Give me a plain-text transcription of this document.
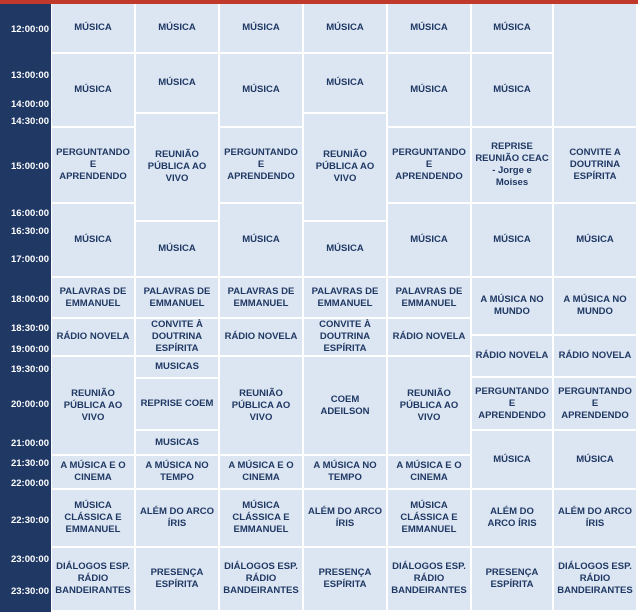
12:00:00
13:00:00
14:00:00
14:30:00
15:00:00
16:00:00
16:30:00
17:00:00
18:00:00
18:30:00
19:00:00
19:30:00
20:00:00
21:00:00
21:30:00
22:00:00
22:30:00
23:00:00
23:30:00
MÚSICA
MÚSICA
PERGUNTANDO E APRENDENDO
MÚSICA
PALAVRAS DE EMMANUEL
RÁDIO NOVELA
REUNIÃO PÚBLICA AO VIVO
A MÚSICA E O CINEMA
MÚSICA CLÁSSICA E EMMANUEL
DIÁLOGOS ESP. RÁDIO BANDEIRANTES
MÚSICA
MÚSICA
REUNIÃO PÚBLICA AO VIVO
MÚSICA
PALAVRAS DE EMMANUEL
CONVITE À DOUTRINA ESPÍRITA
MUSICAS
REPRISE COEM
MUSICAS
A MÚSICA NO TEMPO
ALÉM DO ARCO ÍRIS
PRESENÇA ESPÍRITA
MÚSICA
MÚSICA
PERGUNTANDO E APRENDENDO
MÚSICA
PALAVRAS DE EMMANUEL
RÁDIO NOVELA
REUNIÃO PÚBLICA AO VIVO
A MÚSICA E O CINEMA
MÚSICA CLÁSSICA E EMMANUEL
DIÁLOGOS ESP. RÁDIO BANDEIRANTES
MÚSICA
MÚSICA
REUNIÃO PÚBLICA AO VIVO
MÚSICA
PALAVRAS DE EMMANUEL
CONVITE À DOUTRINA ESPÍRITA
COEM ADEILSON
A MÚSICA NO TEMPO
ALÉM DO ARCO ÍRIS
PRESENÇA ESPÍRITA
MÚSICA
MÚSICA
PERGUNTANDO E APRENDENDO
MÚSICA
PALAVRAS DE EMMANUEL
RÁDIO NOVELA
REUNIÃO PÚBLICA AO VIVO
A MÚSICA E O CINEMA
MÚSICA CLÁSSICA E EMMANUEL
DIÁLOGOS ESP. RÁDIO BANDEIRANTES
MÚSICA
MÚSICA
REPRISE REUNIÃO CEAC - Jorge e Moises
MÚSICA
A MÚSICA NO MUNDO
RÁDIO NOVELA
PERGUNTANDO E APRENDENDO
MÚSICA
ALÉM DO ARCO ÍRIS
PRESENÇA ESPÍRITA
CONVITE A DOUTRINA ESPÍRITA
MÚSICA
A MÚSICA NO MUNDO
RÁDIO NOVELA
PERGUNTANDO E APRENDENDO
MÚSICA
ALÉM DO ARCO ÍRIS
DIÁLOGOS ESP. RÁDIO BANDEIRANTES
